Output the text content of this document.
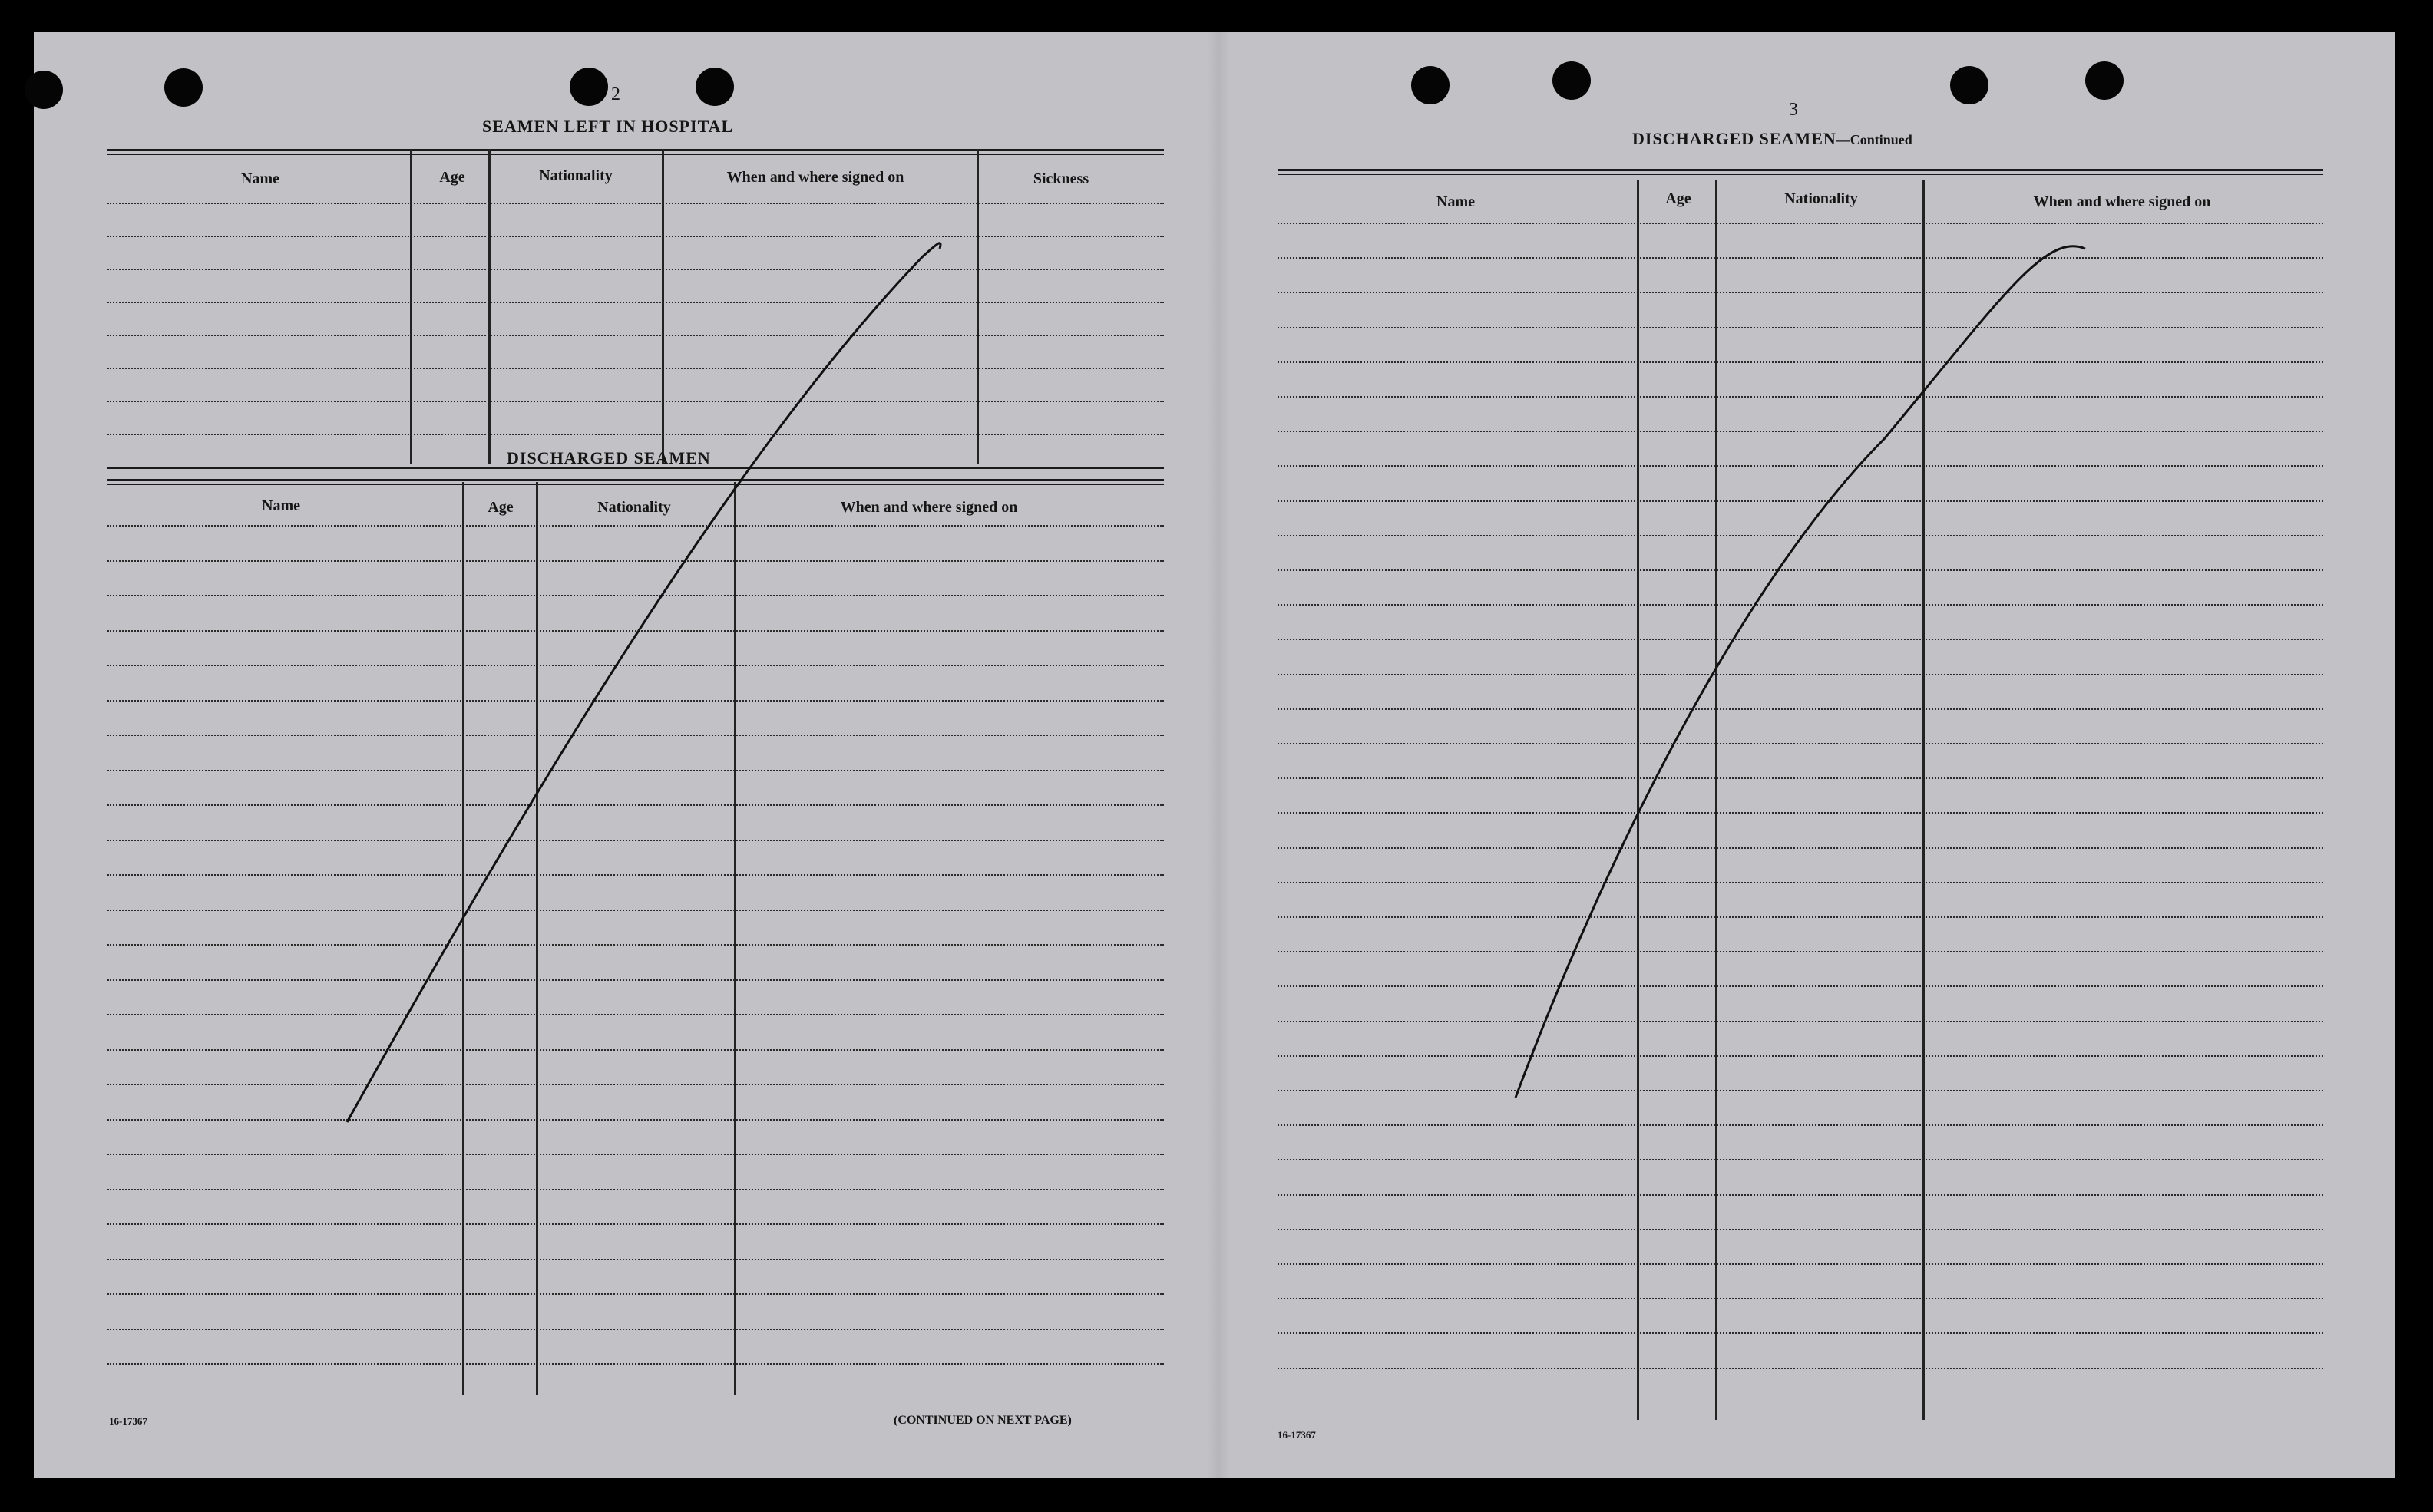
2
SEAMEN LEFT IN HOSPITAL
Name	Age	Nationality	When and where signed on	Sickness
DISCHARGED SEAMEN
Name	Age	Nationality	When and where signed on
16-17367	(CONTINUED ON NEXT PAGE)
3
DISCHARGED SEAMEN—Continued
Name	Age	Nationality	When and where signed on
16-17367
